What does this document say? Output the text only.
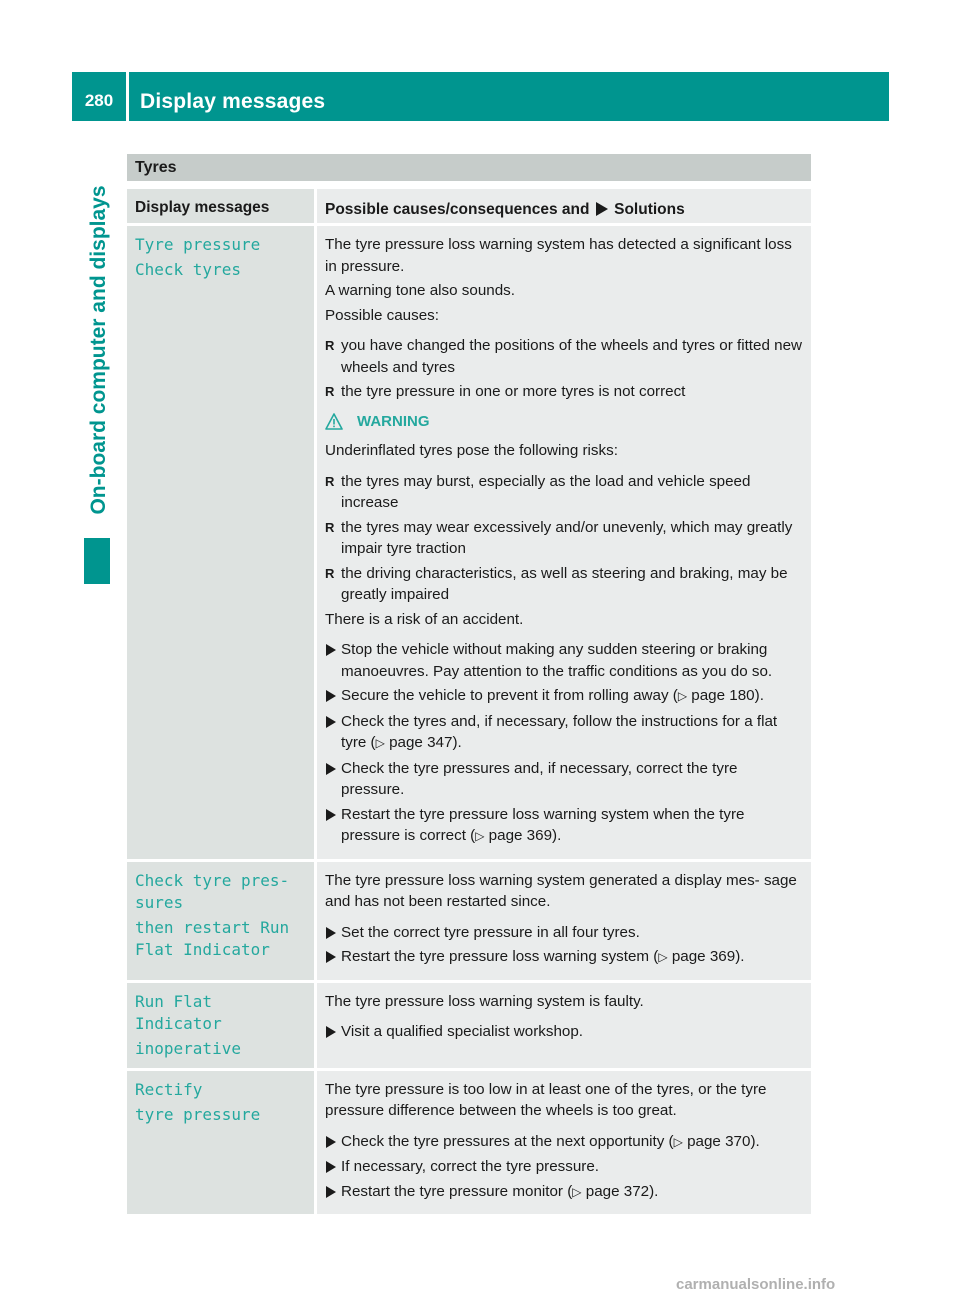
280	Display messages
On-board computer and displays
Tyres
Display messages	Possible causes/consequences and Solutions
Tyre pressure
Check tyres
The tyre pressure loss warning system has detected a significant loss in pressure.
A warning tone also sounds.
Possible causes:
R you have changed the positions of the wheels and tyres or fitted new wheels and tyres
R the tyre pressure in one or more tyres is not correct
WARNING
Underinflated tyres pose the following risks:
R the tyres may burst, especially as the load and vehicle speed increase
R the tyres may wear excessively and/or unevenly, which may greatly impair tyre traction
R the driving characteristics, as well as steering and braking, may be greatly impaired
There is a risk of an accident.
Stop the vehicle without making any sudden steering or braking manoeuvres. Pay attention to the traffic conditions as you do so.
Secure the vehicle to prevent it from rolling away (▷ page 180).
Check the tyres and, if necessary, follow the instructions for a flat tyre (▷ page 347).
Check the tyre pressures and, if necessary, correct the tyre pressure.
Restart the tyre pressure loss warning system when the tyre pressure is correct (▷ page 369).
Check tyre pres‐ sures
then restart Run Flat Indicator
The tyre pressure loss warning system generated a display mes‐ sage and has not been restarted since.
Set the correct tyre pressure in all four tyres.
Restart the tyre pressure loss warning system (▷ page 369).
Run Flat Indicator
inoperative
The tyre pressure loss warning system is faulty.
Visit a qualified specialist workshop.
Rectify
tyre pressure
The tyre pressure is too low in at least one of the tyres, or the tyre pressure difference between the wheels is too great.
Check the tyre pressures at the next opportunity (▷ page 370).
If necessary, correct the tyre pressure.
Restart the tyre pressure monitor (▷ page 372).
carmanualsonline.info
